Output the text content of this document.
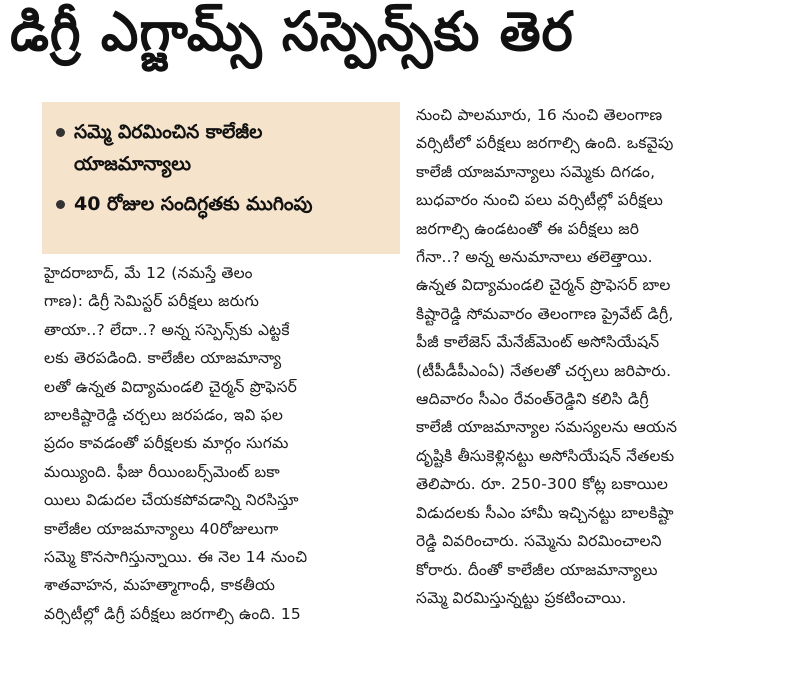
డిగ్రీ ఎగ్జామ్స్ సస్పెన్స్‌కు తెర
సమ్మె విరమించిన కాలేజీల యాజమాన్యాలు
40 రోజుల సందిగ్ధతకు ముగింపు

హైదరాబాద్, మే 12 (నమస్తే తెలం

గాణ): డిగ్రీ సెమిస్టర్ పరీక్షలు జరుగు

తాయా..? లేదా..? అన్న సస్పెన్స్‌కు ఎట్టకే

లకు తెరపడింది. కాలేజీల యాజమాన్యా

లతో ఉన్నత విద్యామండలి చైర్మన్ ప్రొఫెసర్

బాలకిష్టారెడ్డి చర్చలు జరపడం, ఇవి ఫల

ప్రదం కావడంతో పరీక్షలకు మార్గం సుగమ

మయ్యింది. ఫీజు రీయింబర్స్‌మెంట్ బకా

యిలు విడుదల చేయకపోవడాన్ని నిరసిస్తూ

కాలేజీల యాజమాన్యాలు 40రోజులుగా

సమ్మె కొనసాగిస్తున్నాయి. ఈ నెల 14 నుంచి

శాతవాహన, మహత్మాగాంధీ, కాకతీయ

వర్సిటీల్లో డిగ్రీ పరీక్షలు జరగాల్సి ఉంది. 15

నుంచి పాలమూరు, 16 నుంచి తెలంగాణ

వర్సిటీలో పరీక్షలు జరగాల్సి ఉంది. ఒకవైపు

కాలేజీ యాజమాన్యాలు సమ్మెకు దిగడం,

బుధవారం నుంచి పలు వర్సిటీల్లో పరీక్షలు

జరగాల్సి ఉండటంతో ఈ పరీక్షలు జరి

గేనా..? అన్న అనుమానాలు తలెత్తాయి.

ఉన్నత విద్యామండలి చైర్మన్ ప్రొఫెసర్ బాల

కిష్టారెడ్డి సోమవారం తెలంగాణ ప్రైవేట్ డిగ్రీ,

పీజీ కాలేజెస్ మేనేజ్‌మెంట్ అసోసియేషన్

(టీపీడీపీఎంఏ) నేతలతో చర్చలు జరిపారు.

ఆదివారం సీఎం రేవంత్‌రెడ్డిని కలిసి డిగ్రీ

కాలేజీ యాజమాన్యాల సమస్యలను ఆయన

దృష్టికి తీసుకెళ్లినట్టు అసోసియేషన్ నేతలకు

తెలిపారు. రూ. 250-300 కోట్ల బకాయిల

విడుదలకు సీఎం హామీ ఇచ్చినట్టు బాలకిష్టా

రెడ్డి వివరించారు. సమ్మెను విరమించాలని

కోరారు. దీంతో కాలేజీల యాజమాన్యాలు

సమ్మె విరమిస్తున్నట్టు ప్రకటించాయి.
